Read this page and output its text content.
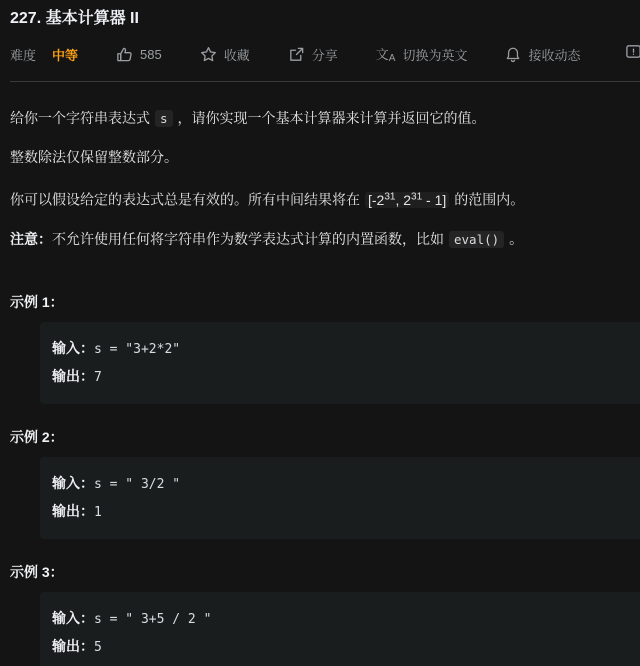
227. 基本计算器 II
难度 中等	585	收藏	分享	文A 切换为英文	接收动态

给你一个字符串表达式 s ，请你实现一个基本计算器来计算并返回它的值。

整数除法仅保留整数部分。

你可以假设给定的表达式总是有效的。所有中间结果将在 [$-2^{31}$, $2^{31} - 1$] 的范围内。

注意：不允许使用任何将字符串作为数学表达式计算的内置函数，比如 eval() 。

示例 1：
输入：s = "3+2*2"
输出：7
示例 2：
输入：s = " 3/2 "
输出：1
示例 3：
输入：s = " 3+5 / 2 "
输出：5
